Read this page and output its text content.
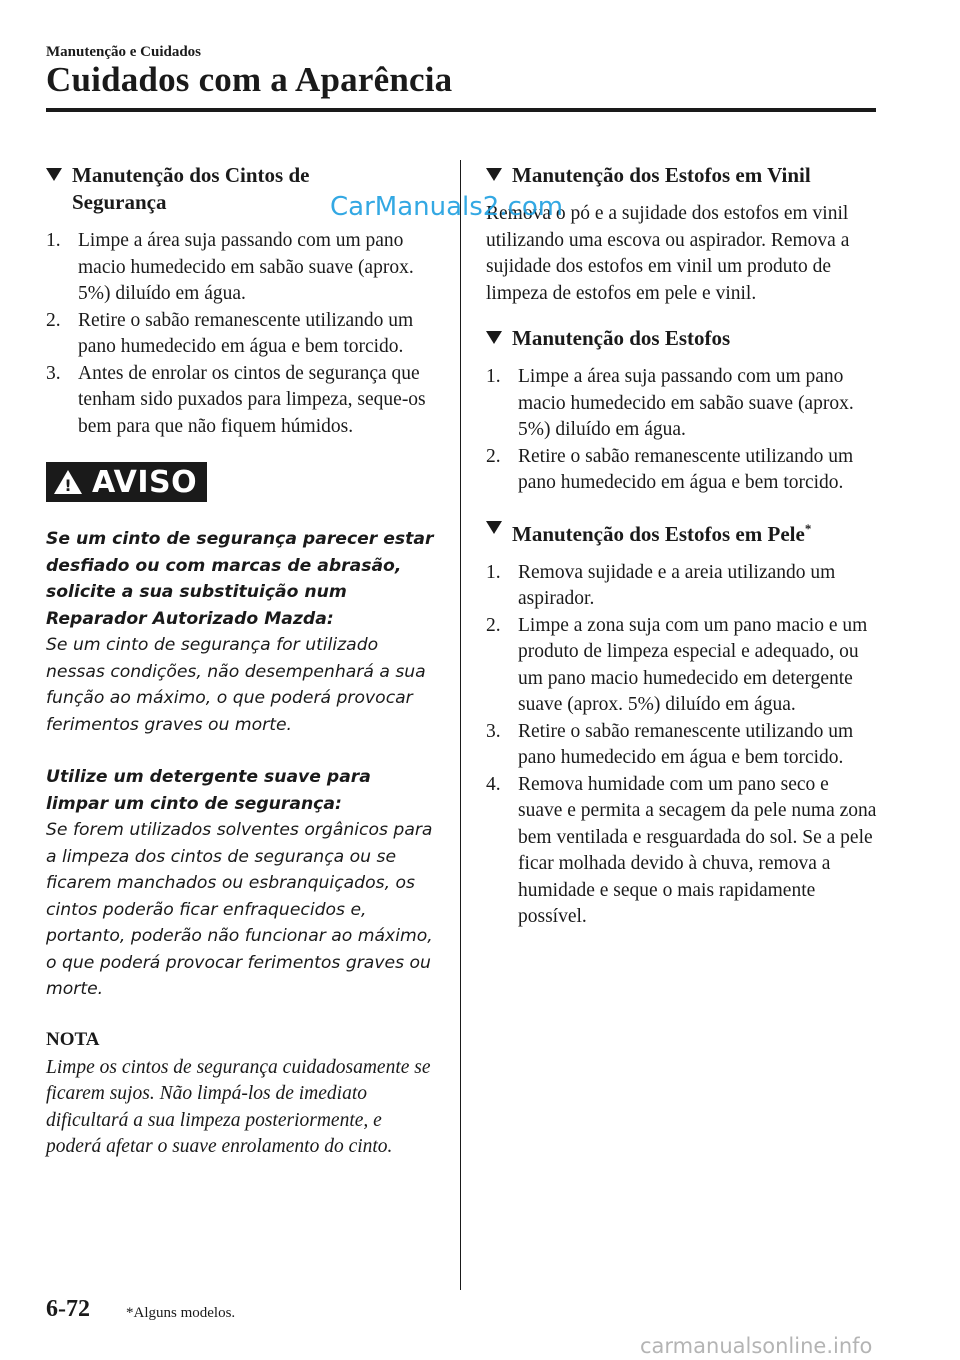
Manutenção e Cuidados
Cuidados com a Aparência
Manutenção dos Cintos de
Segurança
1. Limpe a área suja passando com um pano macio humedecido em sabão suave (aprox. 5%) diluído em água.
2. Retire o sabão remanescente utilizando um pano humedecido em água e bem torcido.
3. Antes de enrolar os cintos de segurança que tenham sido puxados para limpeza, seque-os bem para que não fiquem húmidos.
! AVISO
Se um cinto de segurança parecer estar desfiado ou com marcas de abrasão, solicite a sua substituição num Reparador Autorizado Mazda:
Se um cinto de segurança for utilizado nessas condições, não desempenhará a sua função ao máximo, o que poderá provocar ferimentos graves ou morte.
Utilize um detergente suave para limpar um cinto de segurança:
Se forem utilizados solventes orgânicos para a limpeza dos cintos de segurança ou se ficarem manchados ou esbranquiçados, os cintos poderão ficar enfraquecidos e, portanto, poderão não funcionar ao máximo, o que poderá provocar ferimentos graves ou morte.
NOTA

Limpe os cintos de segurança cuidadosamente se ficarem sujos. Não limpá-los de imediato dificultará a sua limpeza posteriormente, e poderá afetar o suave enrolamento do cinto.

Manutenção dos Estofos em Vinil

Remova o pó e a sujidade dos estofos em vinil utilizando uma escova ou aspirador. Remova a sujidade dos estofos em vinil um produto de limpeza de estofos em pele e vinil.

Manutenção dos Estofos
1. Limpe a área suja passando com um pano macio humedecido em sabão suave (aprox. 5%) diluído em água.
2. Retire o sabão remanescente utilizando um pano humedecido em água e bem torcido.
Manutenção dos Estofos em Pele*
1. Remova sujidade e a areia utilizando um aspirador.
2. Limpe a zona suja com um pano macio e um produto de limpeza especial e adequado, ou um pano macio humedecido em detergente suave (aprox. 5%) diluído em água.
3. Retire o sabão remanescente utilizando um pano humedecido em água e bem torcido.
4. Remova humidade com um pano seco e suave e permita a secagem da pele numa zona bem ventilada e resguardada do sol. Se a pele ficar molhada devido à chuva, remova a humidade e seque o mais rapidamente possível.
6-72 *Alguns modelos.
CarManuals2.com
carmanualsonline.info
